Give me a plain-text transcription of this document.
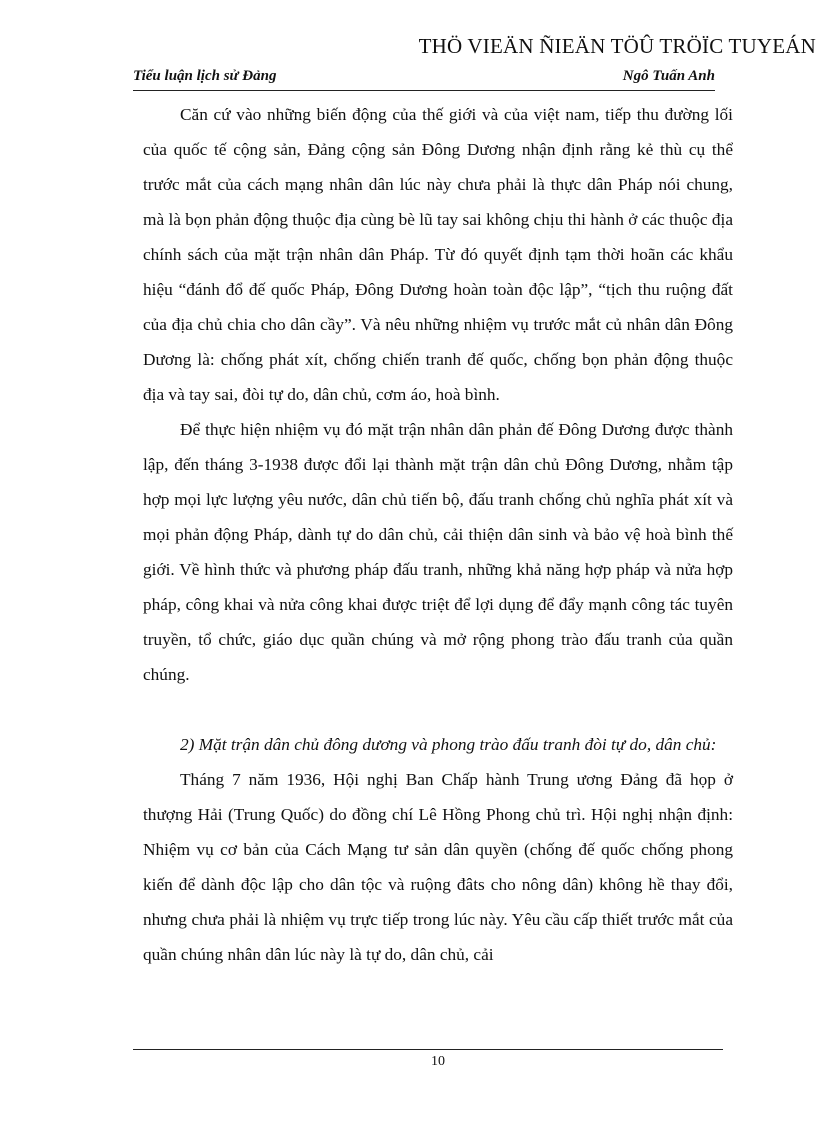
THÖ VIEÄN ÑIEÄN TÖÛ TRÖÏC TUYEÁN
Tiểu luận lịch sử Đảng	Ngô Tuấn Anh

Căn cứ vào những biến động của thế giới và của việt nam, tiếp thu đường lối của quốc tế cộng sản, Đảng cộng sản Đông Dương nhận định rằng kẻ thù cụ thể trước mắt của cách mạng nhân dân lúc này chưa phải là thực dân Pháp nói chung, mà là bọn phản động thuộc địa cùng bè lũ tay sai không chịu thi hành ở các thuộc địa chính sách của mặt trận nhân dân Pháp. Từ đó quyết định tạm thời hoãn các khẩu hiệu “đánh đổ đế quốc Pháp, Đông Dương hoàn toàn độc lập”, “tịch thu ruộng đất của địa chủ chia cho dân cầy”. Và nêu những nhiệm vụ trước mắt củ nhân dân Đông Dương là: chống phát xít, chống chiến tranh đế quốc, chống bọn phản động thuộc địa và tay sai, đòi tự do, dân chủ, cơm áo, hoà bình.

Để thực hiện nhiệm vụ đó mặt trận nhân dân phản đế Đông Dương được thành lập, đến tháng 3-1938 được đổi lại thành mặt trận dân chủ Đông Dương, nhằm tập hợp mọi lực lượng yêu nước, dân chủ tiến bộ, đấu tranh chống chủ nghĩa phát xít và mọi phản động Pháp, dành tự do dân chủ, cải thiện dân sinh và bảo vệ hoà bình thế giới. Về hình thức và phương pháp đấu tranh, những khả năng hợp pháp và nửa hợp pháp, công khai và nửa công khai được triệt để lợi dụng để đẩy mạnh công tác tuyên truyền, tổ chức, giáo dục quần chúng và mở rộng phong trào đấu tranh của quần chúng.

2) Mặt trận dân chủ đông dương và phong trào đấu tranh đòi tự do, dân chủ:

Tháng 7 năm 1936, Hội nghị Ban Chấp hành Trung ương Đảng đã họp ở thượng Hải (Trung Quốc) do đồng chí Lê Hồng Phong chủ trì. Hội nghị nhận định: Nhiệm vụ cơ bản của Cách Mạng tư sản dân quyền (chống đế quốc chống phong kiến để dành độc lập cho dân tộc và ruộng đâts cho nông dân) không hề thay đổi, nhưng chưa phải là nhiệm vụ trực tiếp trong lúc này. Yêu cầu cấp thiết trước mắt của quần chúng nhân dân lúc này là tự do, dân chủ, cải

10
